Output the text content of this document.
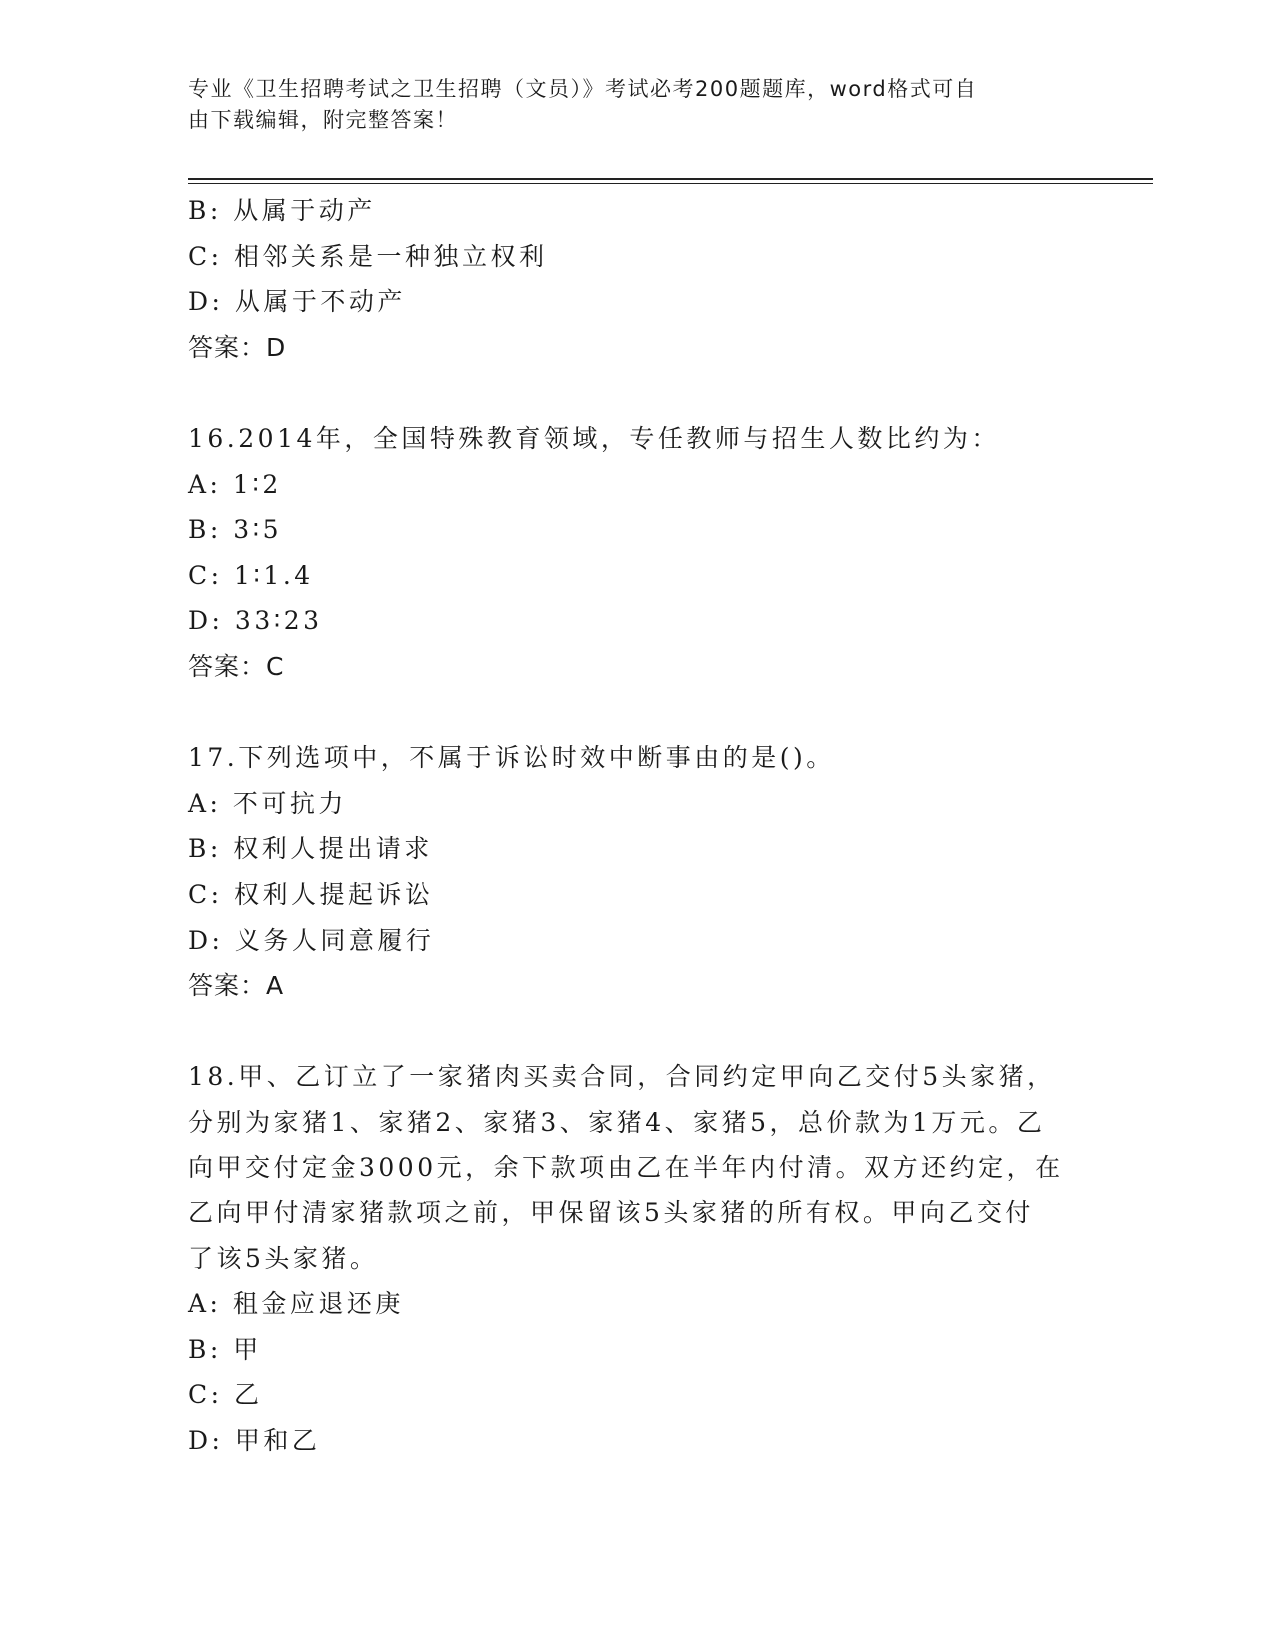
专业《卫生招聘考试之卫生招聘（文员）》考试必考200题题库，word格式可自
由下载编辑，附完整答案！
B: 从属于动产
C: 相邻关系是一种独立权利
D: 从属于不动产
答案：D
16.2014年，全国特殊教育领域，专任教师与招生人数比约为：
A: 1∶2
B: 3∶5
C: 1∶1.4
D: 33∶23
答案：C
17.下列选项中，不属于诉讼时效中断事由的是()。
A: 不可抗力
B: 权利人提出请求
C: 权利人提起诉讼
D: 义务人同意履行
答案：A
18.甲、乙订立了一家猪肉买卖合同，合同约定甲向乙交付5头家猪，
分别为家猪1、家猪2、家猪3、家猪4、家猪5，总价款为1万元。乙
向甲交付定金3000元，余下款项由乙在半年内付清。双方还约定，在
乙向甲付清家猪款项之前，甲保留该5头家猪的所有权。甲向乙交付
了该5头家猪。
A: 租金应退还庚
B: 甲
C: 乙
D: 甲和乙
